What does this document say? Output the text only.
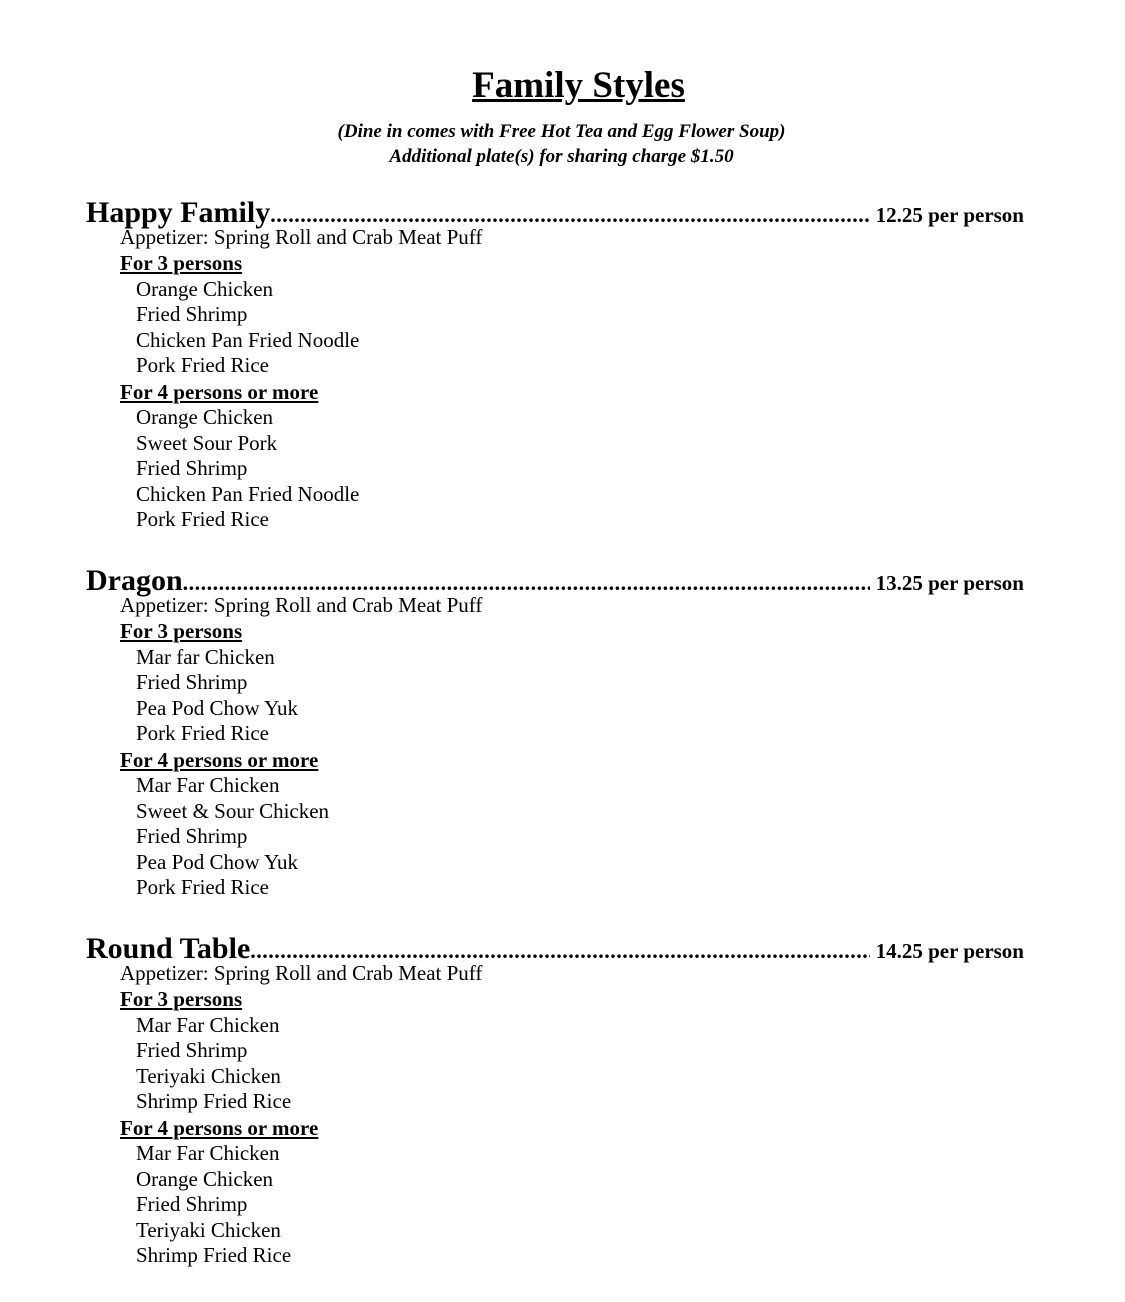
Family Styles
(Dine in comes with Free Hot Tea and Egg Flower Soup)
Additional plate(s) for sharing charge $1.50
Happy Family .....	12.25 per person
Appetizer: Spring Roll and Crab Meat Puff
For 3 persons
Orange Chicken
Fried Shrimp
Chicken Pan Fried Noodle
Pork Fried Rice
For 4 persons or more
Orange Chicken
Sweet Sour Pork
Fried Shrimp
Chicken Pan Fried Noodle
Pork Fried Rice
Dragon .....	13.25 per person
Appetizer: Spring Roll and Crab Meat Puff
For 3 persons
Mar far Chicken
Fried Shrimp
Pea Pod Chow Yuk
Pork Fried Rice
For 4 persons or more
Mar Far Chicken
Sweet & Sour Chicken
Fried Shrimp
Pea Pod Chow Yuk
Pork Fried Rice
Round Table .....	14.25 per person
Appetizer: Spring Roll and Crab Meat Puff
For 3 persons
Mar Far Chicken
Fried Shrimp
Teriyaki Chicken
Shrimp Fried Rice
For 4 persons or more
Mar Far Chicken
Orange Chicken
Fried Shrimp
Teriyaki Chicken
Shrimp Fried Rice
